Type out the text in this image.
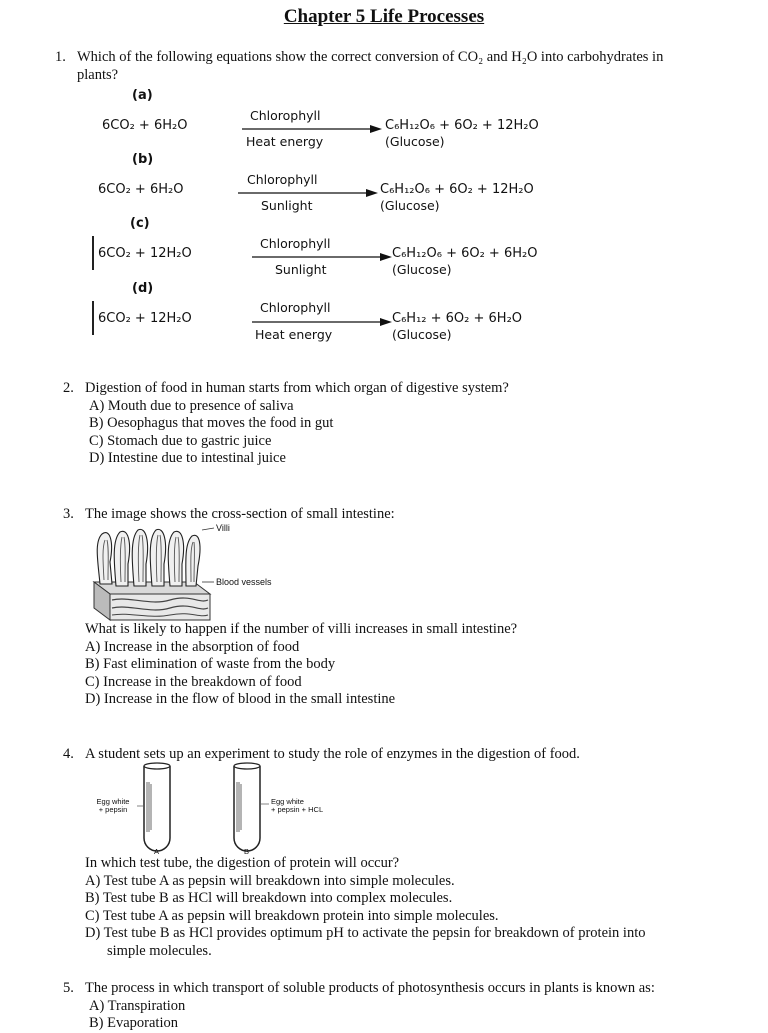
Chapter 5 Life Processes
1. Which of the following equations show the correct conversion of CO₂ and H₂O into carbohydrates in
plants?
(a)
Chlorophyll
6CO₂ + 6H₂O	C₆H₁₂O₆ + 6O₂ + 12H₂O
Heat energy	(Glucose)
(b)
Chlorophyll
6CO₂ + 6H₂O	C₆H₁₂O₆ + 6O₂ + 12H₂O
Sunlight	(Glucose)
(c)
Chlorophyll
6CO₂ + 12H₂O	C₆H₁₂O₆ + 6O₂ + 6H₂O
Sunlight	(Glucose)
(d)
Chlorophyll
6CO₂ + 12H₂O	C₆H₁₂ + 6O₂ + 6H₂O
Heat energy	(Glucose)
2. Digestion of food in human starts from which organ of digestive system?
A) Mouth due to presence of saliva
B) Oesophagus that moves the food in gut
C) Stomach due to gastric juice
D) Intestine due to intestinal juice
3. The image shows the cross-section of small intestine:
Villi
Blood vessels
What is likely to happen if the number of villi increases in small intestine?
A) Increase in the absorption of food
B) Fast elimination of waste from the body
C) Increase in the breakdown of food
D) Increase in the flow of blood in the small intestine
4. A student sets up an experiment to study the role of enzymes in the digestion of food.
Egg white
+ pepsin
Egg white
+ pepsin + HCL
A	B
In which test tube, the digestion of protein will occur?
A) Test tube A as pepsin will breakdown into simple molecules.
B) Test tube B as HCl will breakdown into complex molecules.
C) Test tube A as pepsin will breakdown protein into simple molecules.
D) Test tube B as HCl provides optimum pH to activate the pepsin for breakdown of protein into
simple molecules.
5. The process in which transport of soluble products of photosynthesis occurs in plants is known as:
A) Transpiration
B) Evaporation
